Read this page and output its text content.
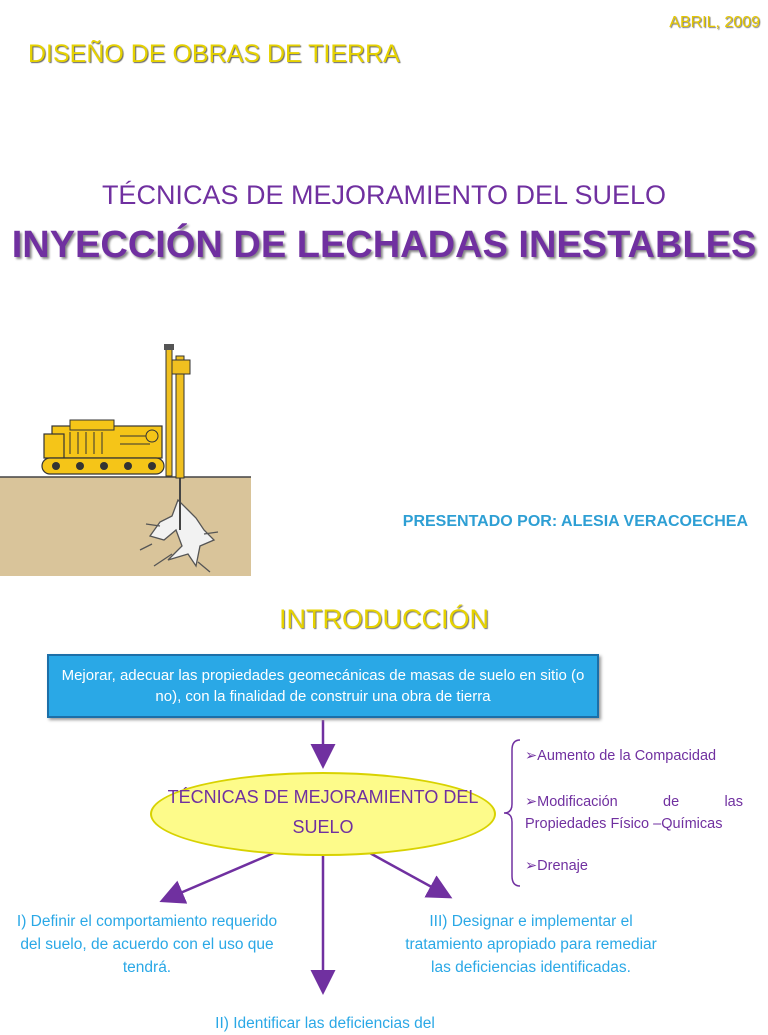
ABRIL, 2009
DISEÑO DE OBRAS DE TIERRA
TÉCNICAS DE MEJORAMIENTO DEL SUELO
INYECCIÓN DE LECHADAS INESTABLES
PRESENTADO POR: ALESIA VERACOECHEA
INTRODUCCIÓN
Mejorar, adecuar las propiedades geomecánicas de masas de suelo en sitio (o no), con la finalidad de construir una obra de tierra
TÉCNICAS DE MEJORAMIENTO DEL SUELO
➢Aumento de la Compacidad
➢Modificación de las
Propiedades Físico –Químicas
➢Drenaje
I) Definir el comportamiento requerido del suelo, de acuerdo con el uso que tendrá.
III) Designar e implementar el tratamiento apropiado para remediar las deficiencias identificadas.
II) Identificar las deficiencias del
